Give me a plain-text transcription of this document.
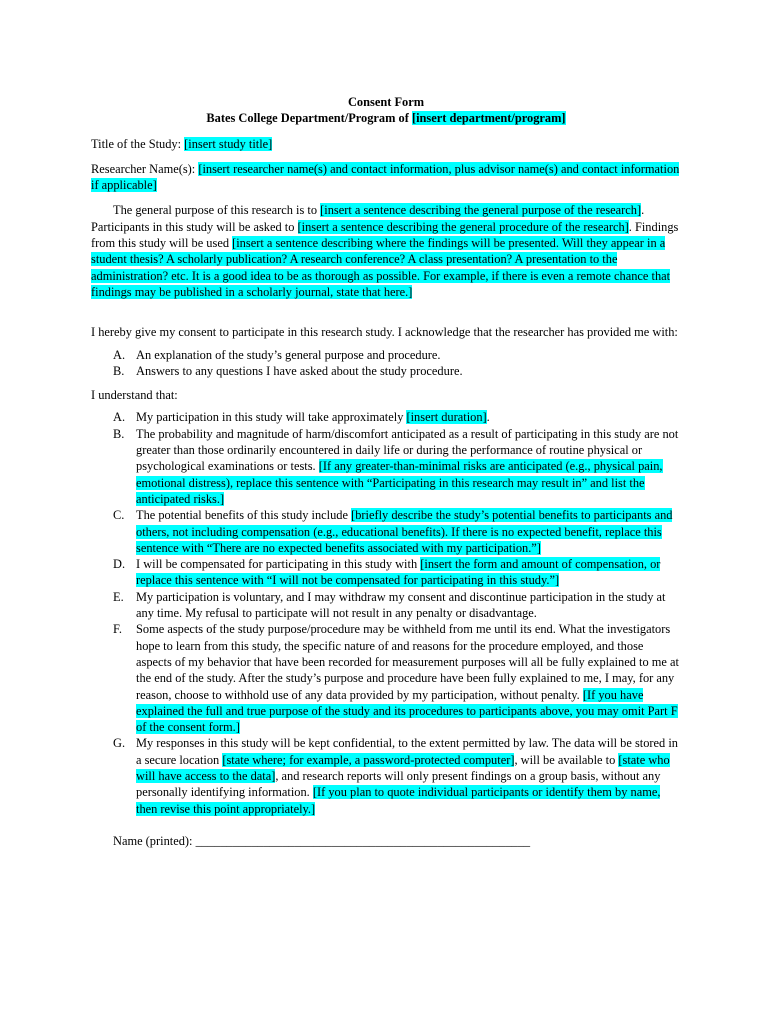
Consent Form
Bates College Department/Program of [insert department/program]
Title of the Study: [insert study title]
Researcher Name(s): [insert researcher name(s) and contact information, plus advisor name(s) and contact information if applicable]
The general purpose of this research is to [insert a sentence describing the general purpose of the research]. Participants in this study will be asked to [insert a sentence describing the general procedure of the research]. Findings from this study will be used [insert a sentence describing where the findings will be presented. Will they appear in a student thesis? A scholarly publication? A research conference? A class presentation? A presentation to the administration? etc. It is a good idea to be as thorough as possible. For example, if there is even a remote chance that findings may be published in a scholarly journal, state that here.]
I hereby give my consent to participate in this research study. I acknowledge that the researcher has provided me with:
A. An explanation of the study’s general purpose and procedure.
B. Answers to any questions I have asked about the study procedure.
I understand that:
A. My participation in this study will take approximately [insert duration].
B. The probability and magnitude of harm/discomfort anticipated as a result of participating in this study are not greater than those ordinarily encountered in daily life or during the performance of routine physical or psychological examinations or tests. [If any greater-than-minimal risks are anticipated (e.g., physical pain, emotional distress), replace this sentence with “Participating in this research may result in” and list the anticipated risks.]
C. The potential benefits of this study include [briefly describe the study’s potential benefits to participants and others, not including compensation (e.g., educational benefits). If there is no expected benefit, replace this sentence with “There are no expected benefits associated with my participation.”]
D. I will be compensated for participating in this study with [insert the form and amount of compensation, or replace this sentence with “I will not be compensated for participating in this study.”]
E. My participation is voluntary, and I may withdraw my consent and discontinue participation in the study at any time. My refusal to participate will not result in any penalty or disadvantage.
F. Some aspects of the study purpose/procedure may be withheld from me until its end. What the investigators hope to learn from this study, the specific nature of and reasons for the procedure employed, and those aspects of my behavior that have been recorded for measurement purposes will all be fully explained to me at the end of the study. After the study’s purpose and procedure have been fully explained to me, I may, for any reason, choose to withhold use of any data provided by my participation, without penalty. [If you have explained the full and true purpose of the study and its procedures to participants above, you may omit Part F of the consent form.]
G. My responses in this study will be kept confidential, to the extent permitted by law. The data will be stored in a secure location [state where; for example, a password-protected computer], will be available to [state who will have access to the data], and research reports will only present findings on a group basis, without any personally identifying information. [If you plan to quote individual participants or identify them by name, then revise this point appropriately.]
Name (printed): ______________________________________________________
